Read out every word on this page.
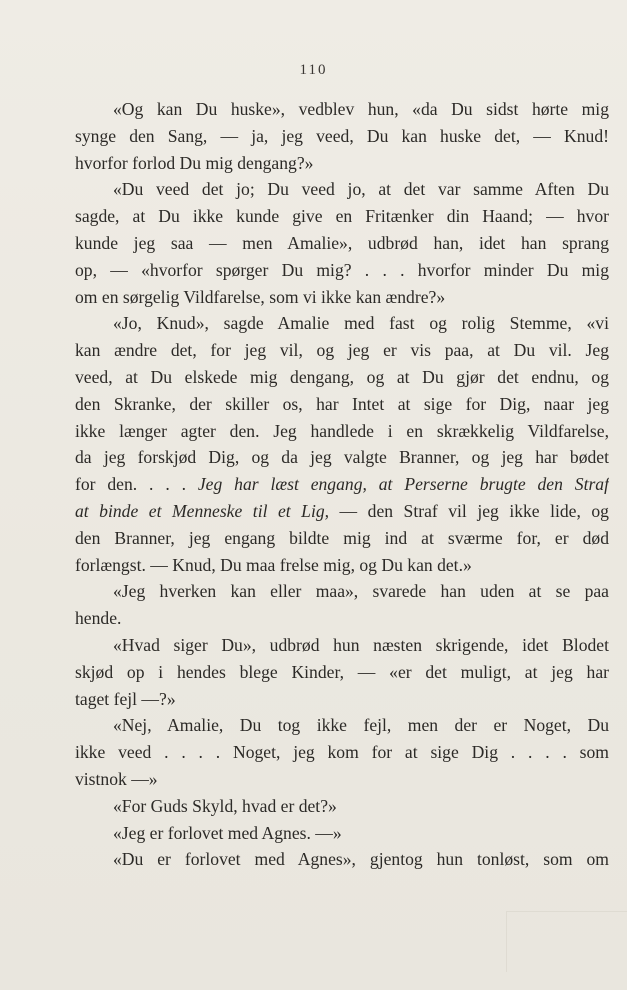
110
«Og kan Du huske», vedblev hun, «da Du sidst hørte mig
synge den Sang, — ja, jeg veed, Du kan huske det, — Knud!
hvorfor forlod Du mig dengang?»
«Du veed det jo; Du veed jo, at det var samme Aften Du
sagde, at Du ikke kunde give en Fritænker din Haand; — hvor
kunde jeg saa — men Amalie», udbrød han, idet han sprang
op, — «hvorfor spørger Du mig? . . . hvorfor minder Du mig
om en sørgelig Vildfarelse, som vi ikke kan ændre?»
«Jo, Knud», sagde Amalie med fast og rolig Stemme, «vi
kan ændre det, for jeg vil, og jeg er vis paa, at Du vil. Jeg
veed, at Du elskede mig dengang, og at Du gjør det endnu, og
den Skranke, der skiller os, har Intet at sige for Dig, naar jeg
ikke længer agter den. Jeg handlede i en skrækkelig Vildfarelse,
da jeg forskjød Dig, og da jeg valgte Branner, og jeg har bødet
for den. . . . Jeg har læst engang, at Perserne brugte den Straf
at binde et Menneske til et Lig, — den Straf vil jeg ikke lide, og
den Branner, jeg engang bildte mig ind at sværme for, er død
forlængst. — Knud, Du maa frelse mig, og Du kan det.»
«Jeg hverken kan eller maa», svarede han uden at se paa
hende.
«Hvad siger Du», udbrød hun næsten skrigende, idet Blodet
skjød op i hendes blege Kinder, — «er det muligt, at jeg har
taget fejl —?»
«Nej, Amalie, Du tog ikke fejl, men der er Noget, Du
ikke veed . . . . Noget, jeg kom for at sige Dig . . . . som
vistnok —»
«For Guds Skyld, hvad er det?»
«Jeg er forlovet med Agnes. —»
«Du er forlovet med Agnes», gjentog hun tonløst, som om
